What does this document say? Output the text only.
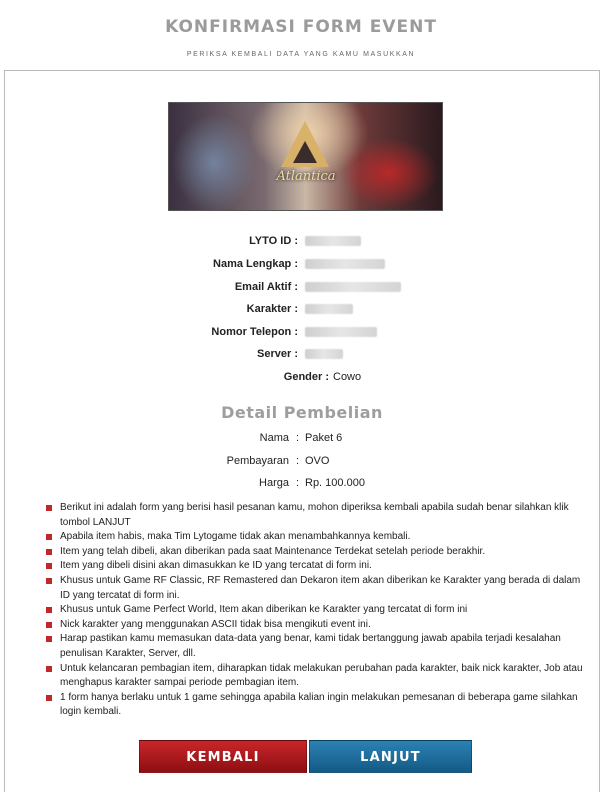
KONFIRMASI FORM EVENT
PERIKSA KEMBALI DATA YANG KAMU MASUKKAN
Atlantica
LYTO ID :
Nama Lengkap :
Email Aktif :
Karakter :
Nomor Telepon :
Server :
Gender : Cowo
Detail Pembelian
Nama : Paket 6
Pembayaran : OVO
Harga : Rp. 100.000
Berikut ini adalah form yang berisi hasil pesanan kamu, mohon diperiksa kembali apabila sudah benar silahkan klik tombol LANJUT
Apabila item habis, maka Tim Lytogame tidak akan menambahkannya kembali.
Item yang telah dibeli, akan diberikan pada saat Maintenance Terdekat setelah periode berakhir.
Item yang dibeli disini akan dimasukkan ke ID yang tercatat di form ini.
Khusus untuk Game RF Classic, RF Remastered dan Dekaron item akan diberikan ke Karakter yang berada di dalam ID yang tercatat di form ini.
Khusus untuk Game Perfect World, Item akan diberikan ke Karakter yang tercatat di form ini
Nick karakter yang menggunakan ASCII tidak bisa mengikuti event ini.
Harap pastikan kamu memasukan data-data yang benar, kami tidak bertanggung jawab apabila terjadi kesalahan penulisan Karakter, Server, dll.
Untuk kelancaran pembagian item, diharapkan tidak melakukan perubahan pada karakter, baik nick karakter, Job atau menghapus karakter sampai periode pembagian item.
1 form hanya berlaku untuk 1 game sehingga apabila kalian ingin melakukan pemesanan di beberapa game silahkan login kembali.
KEMBALI	LANJUT
